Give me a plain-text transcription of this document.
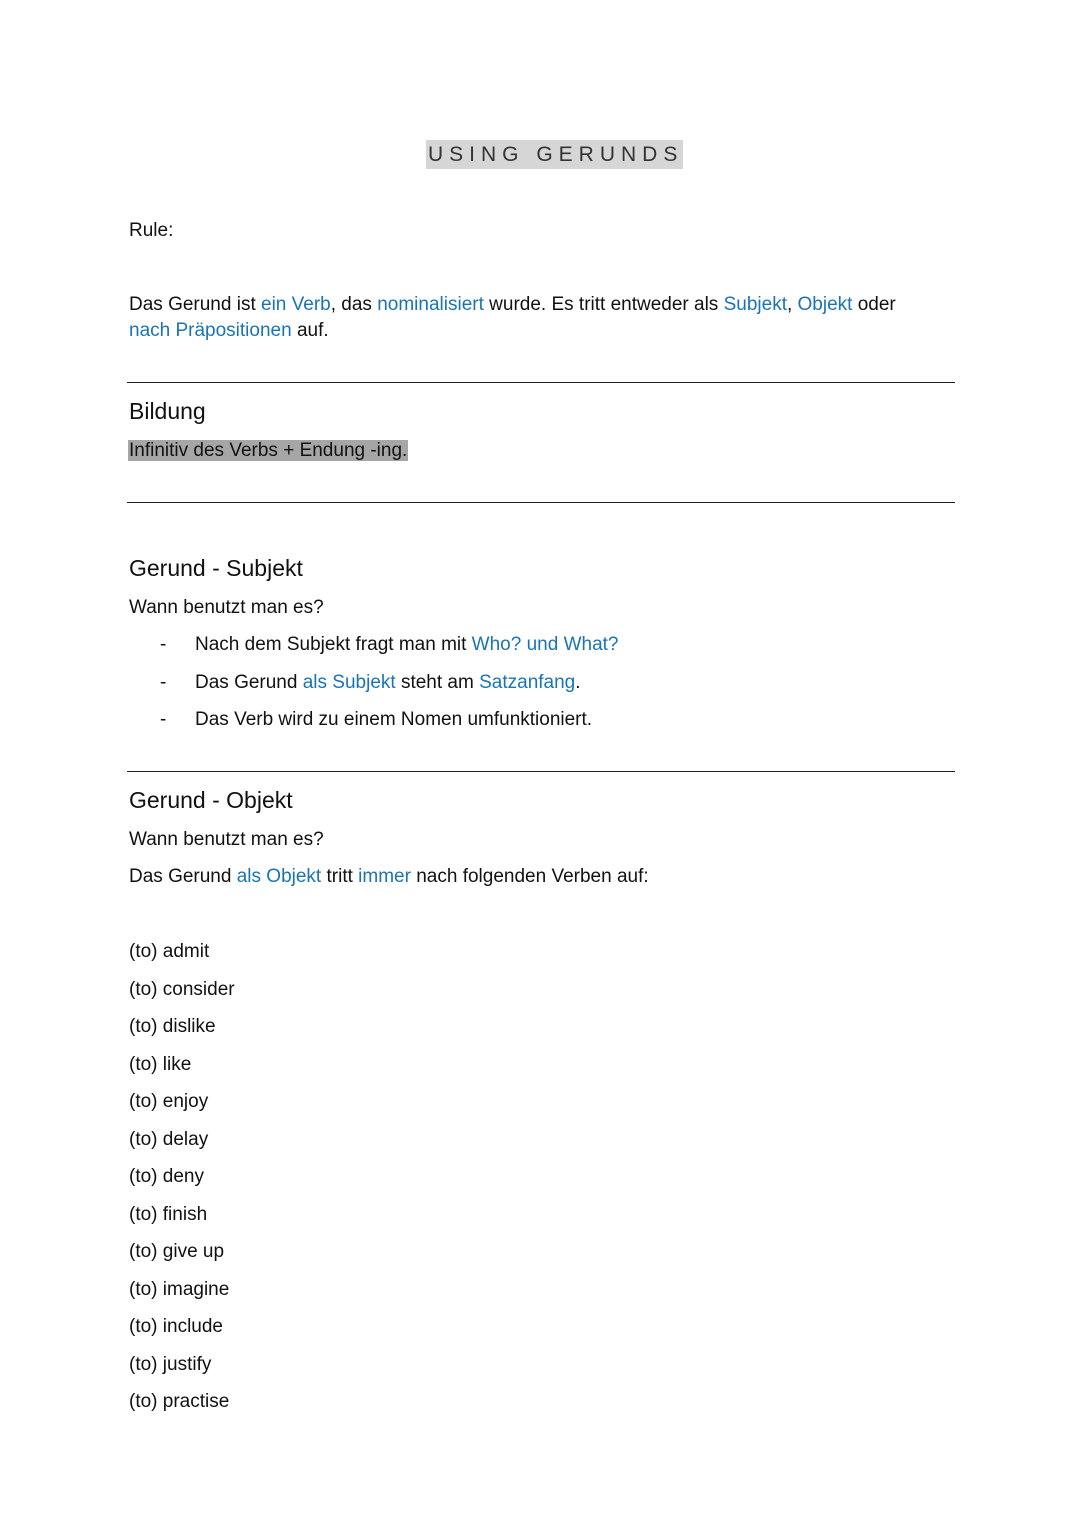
USING GERUNDS
Rule:
Das Gerund ist ein Verb, das nominalisiert wurde. Es tritt entweder als Subjekt, Objekt oder
nach Präpositionen auf.
Bildung
Infinitiv des Verbs + Endung -ing.
Gerund - Subjekt
Wann benutzt man es?
- Nach dem Subjekt fragt man mit Who? und What?
- Das Gerund als Subjekt steht am Satzanfang.
- Das Verb wird zu einem Nomen umfunktioniert.
Gerund - Objekt
Wann benutzt man es?
Das Gerund als Objekt tritt immer nach folgenden Verben auf:
(to) admit
(to) consider
(to) dislike
(to) like
(to) enjoy
(to) delay
(to) deny
(to) finish
(to) give up
(to) imagine
(to) include
(to) justify
(to) practise
